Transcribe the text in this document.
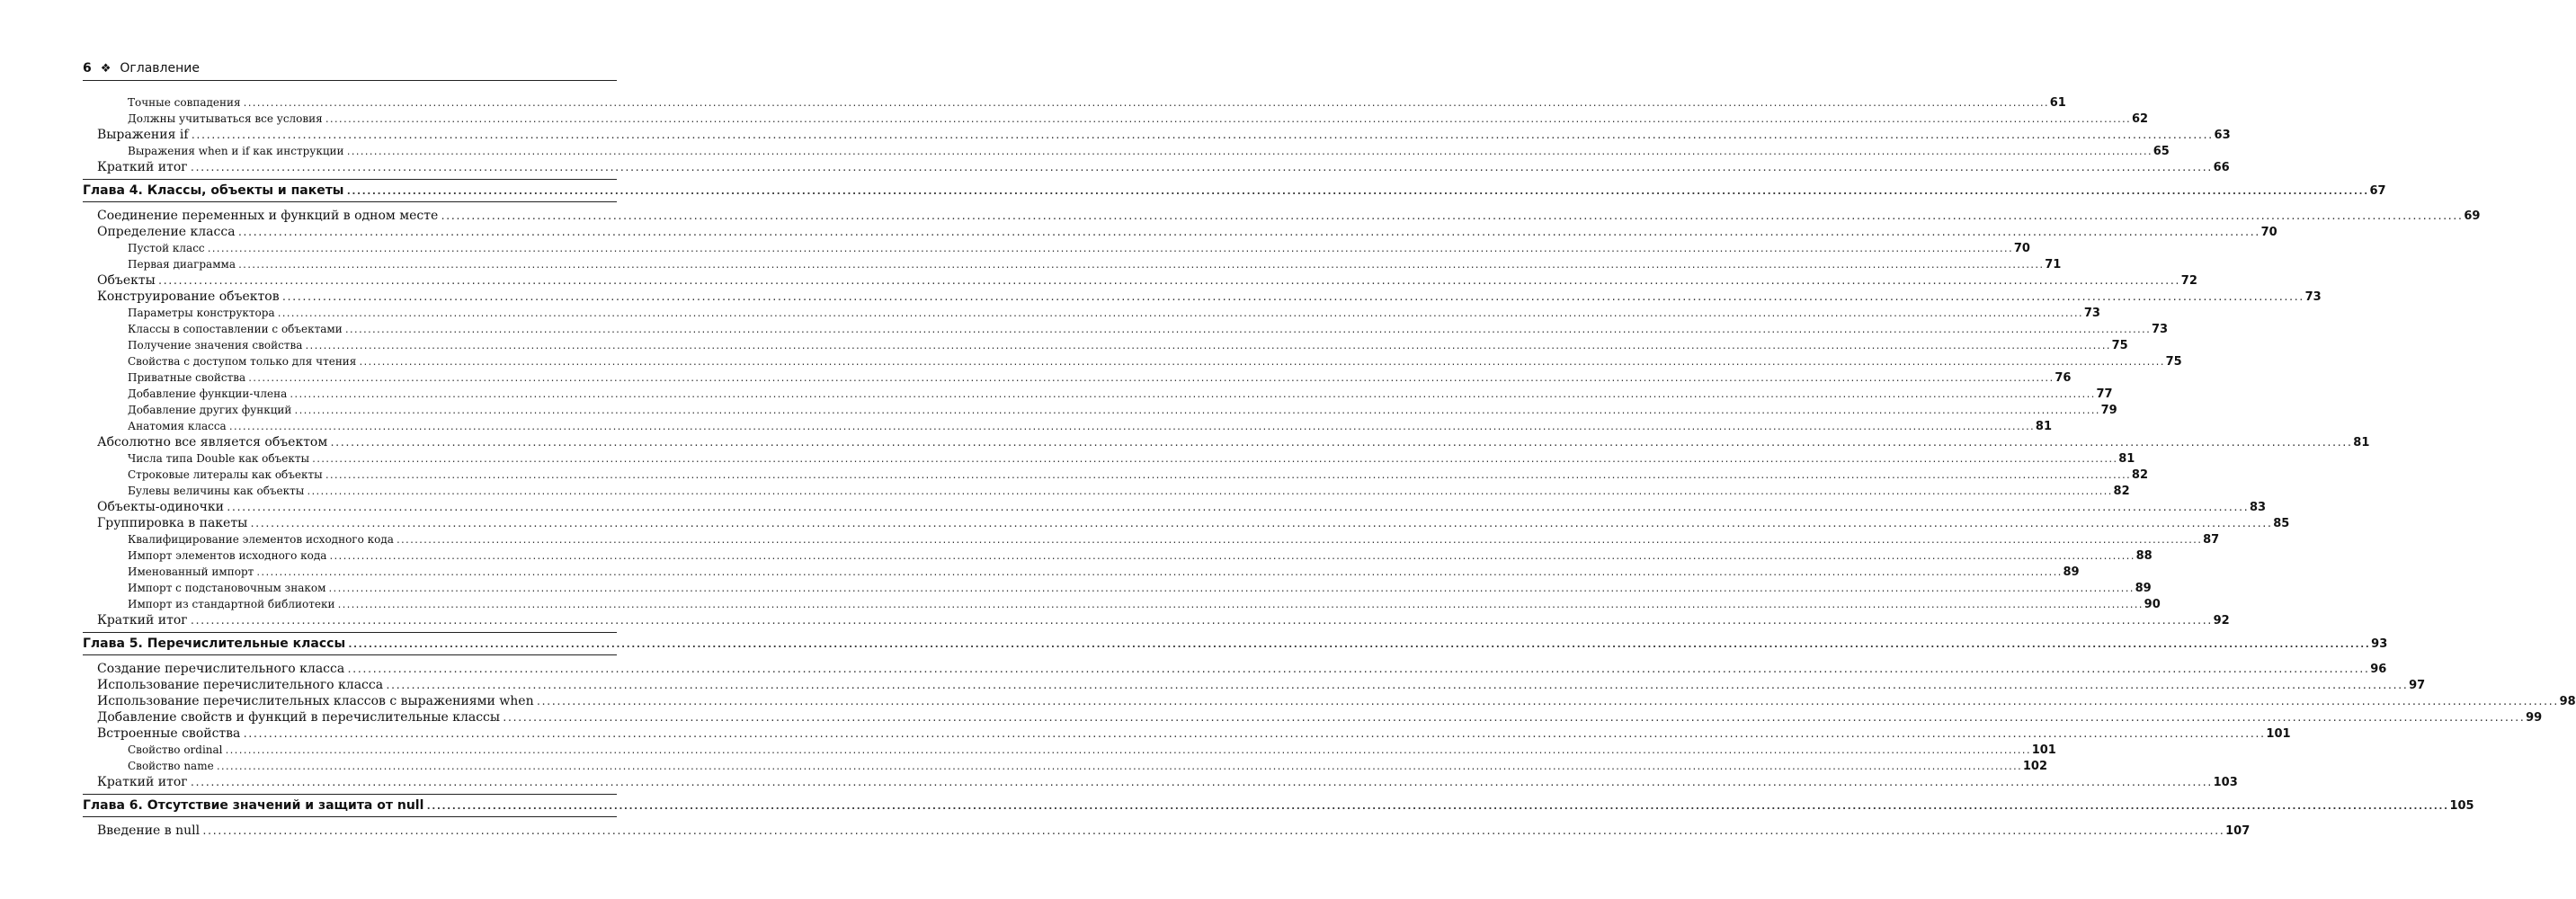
6 ❖ Оглавление
Точные совпадения ................................................................................................................................................................................................................................................................................................................................................................................................................ 61
Должны учитываться все условия ................................................................................................................................................................................................................................................................................................................................................................................................................ 62
Выражения if ................................................................................................................................................................................................................................................................................................................................................................................................................ 63
Выражения when и if как инструкции ................................................................................................................................................................................................................................................................................................................................................................................................................ 65
Краткий итог ................................................................................................................................................................................................................................................................................................................................................................................................................ 66
Глава 4. Классы, объекты и пакеты ................................................................................................................................................................................................................................................................................................................................................................................................................ 67
Соединение переменных и функций в одном месте ................................................................................................................................................................................................................................................................................................................................................................................................................ 69
Определение класса ................................................................................................................................................................................................................................................................................................................................................................................................................ 70
Пустой класс ................................................................................................................................................................................................................................................................................................................................................................................................................ 70
Первая диаграмма ................................................................................................................................................................................................................................................................................................................................................................................................................ 71
Объекты ................................................................................................................................................................................................................................................................................................................................................................................................................ 72
Конструирование объектов ................................................................................................................................................................................................................................................................................................................................................................................................................ 73
Параметры конструктора ................................................................................................................................................................................................................................................................................................................................................................................................................ 73
Классы в сопоставлении с объектами ................................................................................................................................................................................................................................................................................................................................................................................................................ 73
Получение значения свойства ................................................................................................................................................................................................................................................................................................................................................................................................................ 75
Свойства с доступом только для чтения ................................................................................................................................................................................................................................................................................................................................................................................................................ 75
Приватные свойства ................................................................................................................................................................................................................................................................................................................................................................................................................ 76
Добавление функции-члена ................................................................................................................................................................................................................................................................................................................................................................................................................ 77
Добавление других функций ................................................................................................................................................................................................................................................................................................................................................................................................................ 79
Анатомия класса ................................................................................................................................................................................................................................................................................................................................................................................................................ 81
Абсолютно все является объектом ................................................................................................................................................................................................................................................................................................................................................................................................................ 81
Числа типа Double как объекты ................................................................................................................................................................................................................................................................................................................................................................................................................ 81
Строковые литералы как объекты ................................................................................................................................................................................................................................................................................................................................................................................................................ 82
Булевы величины как объекты ................................................................................................................................................................................................................................................................................................................................................................................................................ 82
Объекты-одиночки ................................................................................................................................................................................................................................................................................................................................................................................................................ 83
Группировка в пакеты ................................................................................................................................................................................................................................................................................................................................................................................................................ 85
Квалифицирование элементов исходного кода ................................................................................................................................................................................................................................................................................................................................................................................................................ 87
Импорт элементов исходного кода ................................................................................................................................................................................................................................................................................................................................................................................................................ 88
Именованный импорт ................................................................................................................................................................................................................................................................................................................................................................................................................ 89
Импорт с подстановочным знаком ................................................................................................................................................................................................................................................................................................................................................................................................................ 89
Импорт из стандартной библиотеки ................................................................................................................................................................................................................................................................................................................................................................................................................ 90
Краткий итог ................................................................................................................................................................................................................................................................................................................................................................................................................ 92
Глава 5. Перечислительные классы ................................................................................................................................................................................................................................................................................................................................................................................................................ 93
Создание перечислительного класса ................................................................................................................................................................................................................................................................................................................................................................................................................ 96
Использование перечислительного класса ................................................................................................................................................................................................................................................................................................................................................................................................................ 97
Использование перечислительных классов с выражениями when ................................................................................................................................................................................................................................................................................................................................................................................................................ 98
Добавление свойств и функций в перечислительные классы ................................................................................................................................................................................................................................................................................................................................................................................................................ 99
Встроенные свойства ................................................................................................................................................................................................................................................................................................................................................................................................................ 101
Свойство ordinal ................................................................................................................................................................................................................................................................................................................................................................................................................ 101
Свойство name ................................................................................................................................................................................................................................................................................................................................................................................................................ 102
Краткий итог ................................................................................................................................................................................................................................................................................................................................................................................................................ 103
Глава 6. Отсутствие значений и защита от null ................................................................................................................................................................................................................................................................................................................................................................................................................ 105
Введение в null ................................................................................................................................................................................................................................................................................................................................................................................................................ 107
